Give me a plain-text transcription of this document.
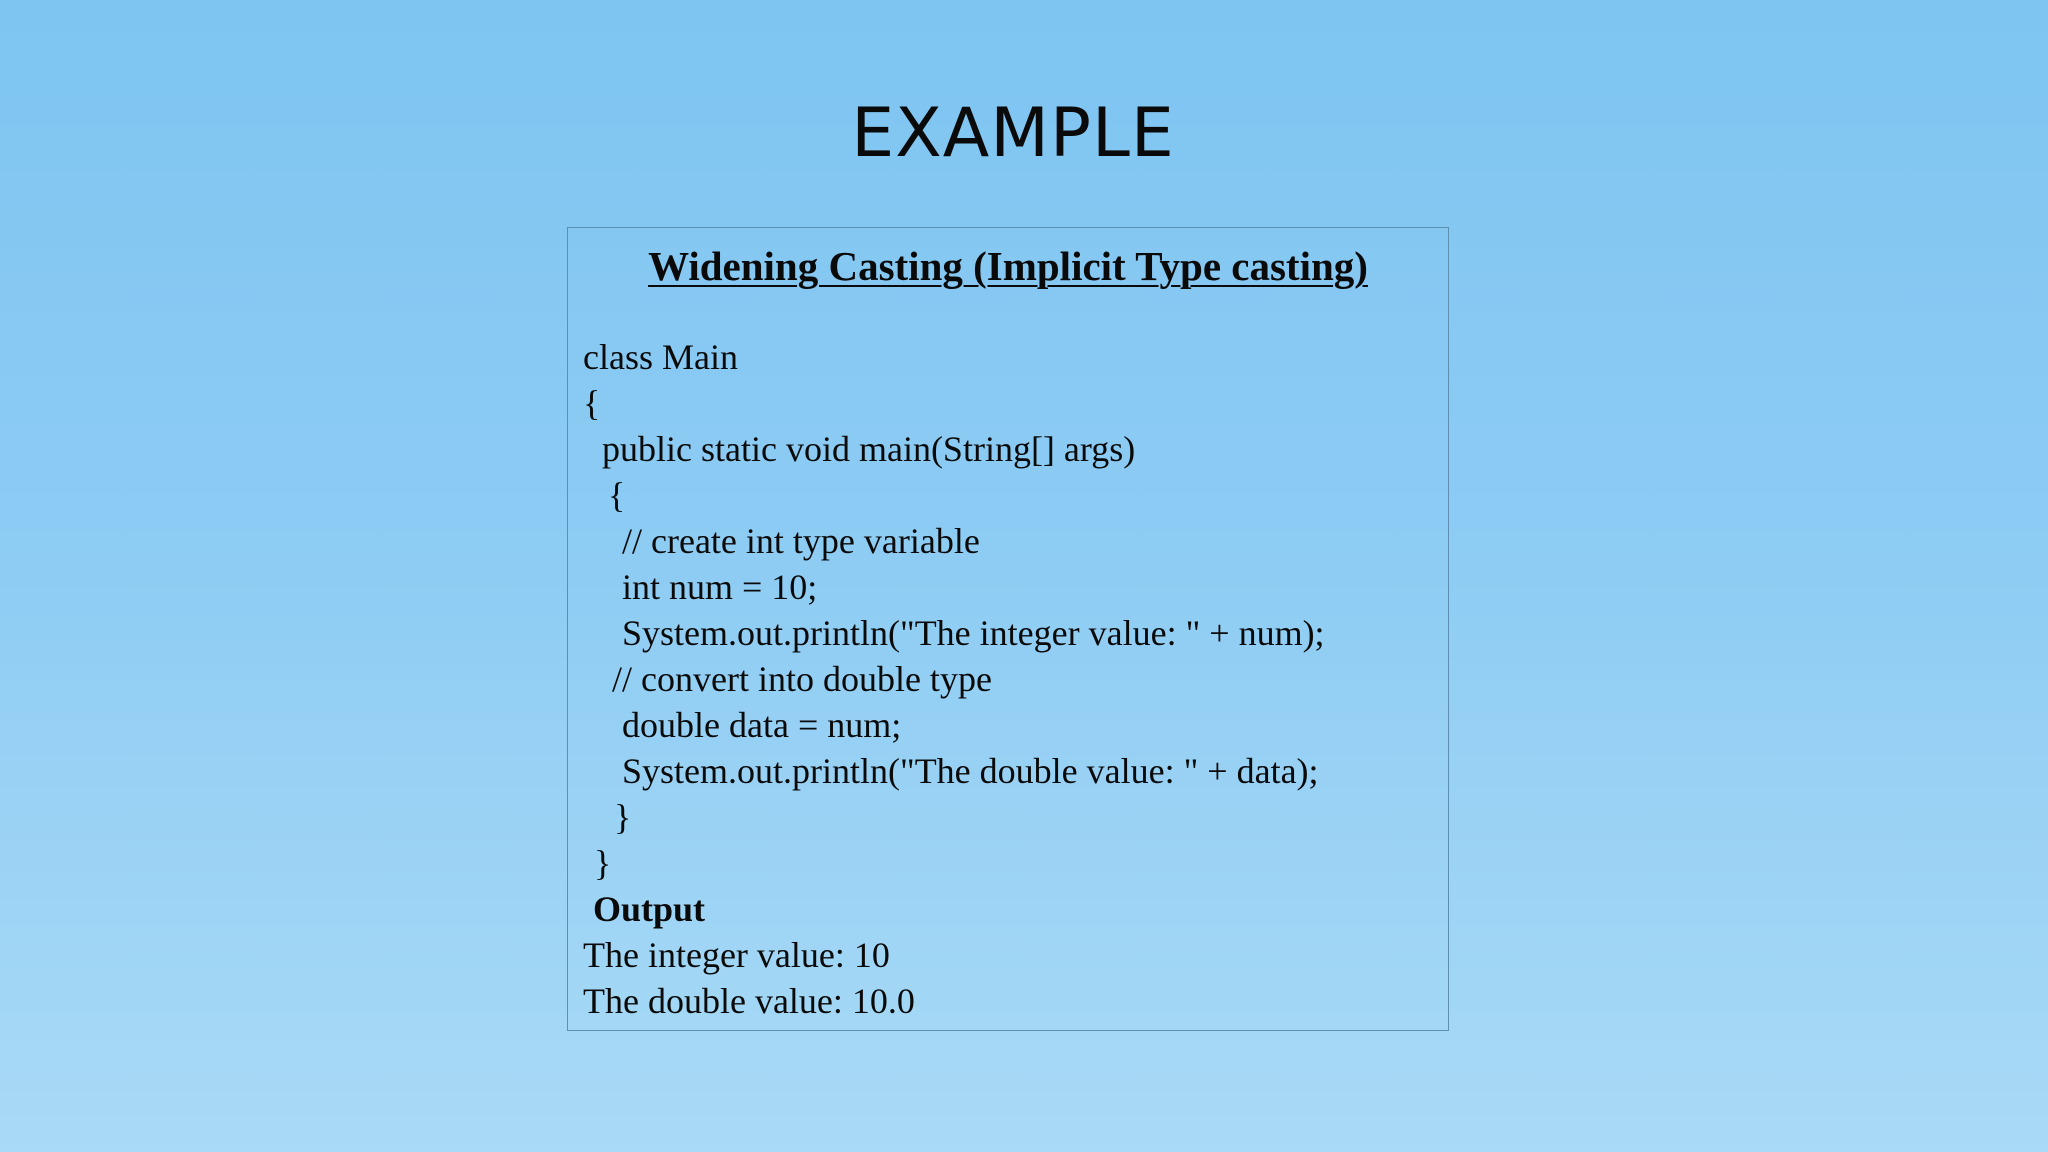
EXAMPLE
Widening Casting (Implicit Type casting)
class Main
{
public static void main(String[] args)
{
// create int type variable
int num = 10;
System.out.println("The integer value: " + num);
// convert into double type
double data = num;
System.out.println("The double value: " + data);
}
}
Output
The integer value: 10
The double value: 10.0
